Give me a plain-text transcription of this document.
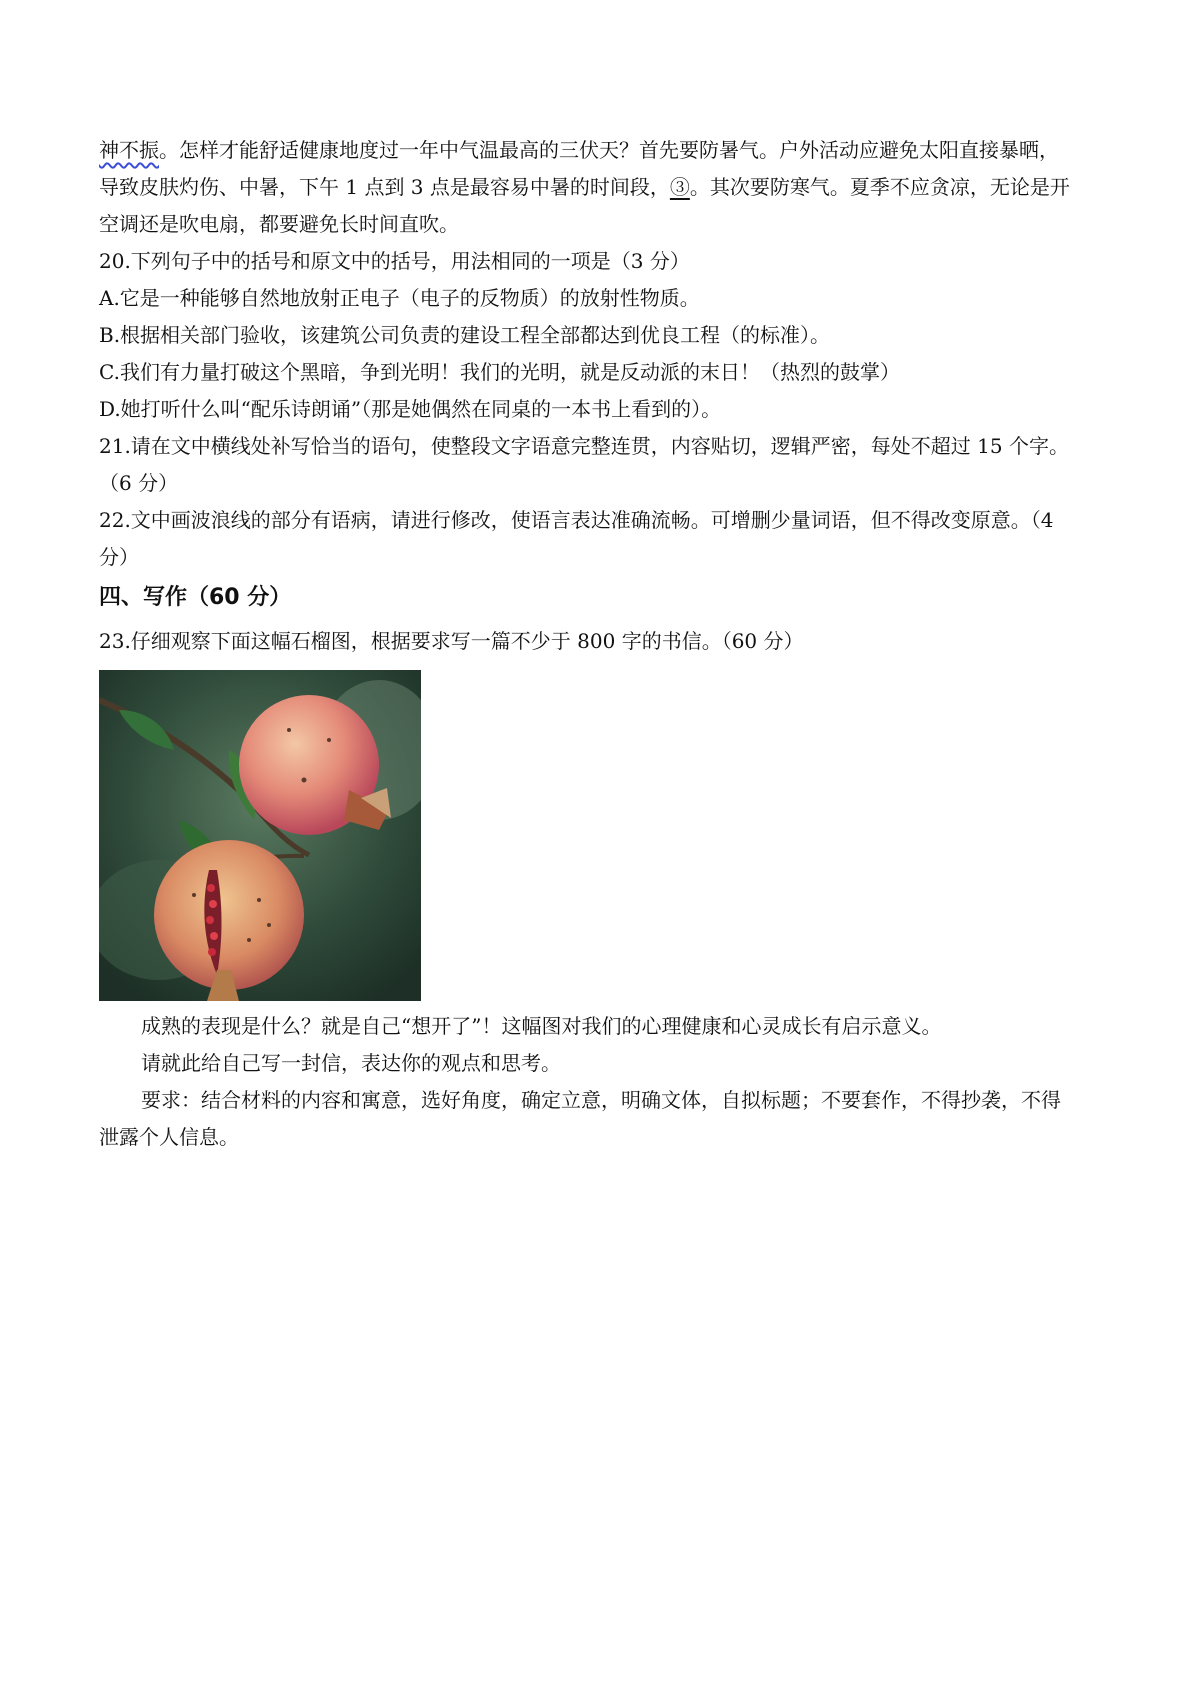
神不振。怎样才能舒适健康地度过一年中气温最高的三伏天？首先要防暑气。户外活动应避免太阳直接暴晒，
导致皮肤灼伤、中暑，下午 1 点到 3 点是最容易中暑的时间段，③。其次要防寒气。夏季不应贪凉，无论是开
空调还是吹电扇，都要避免长时间直吹。
20.下列句子中的括号和原文中的括号，用法相同的一项是（3 分）
A.它是一种能够自然地放射正电子（电子的反物质）的放射性物质。
B.根据相关部门验收，该建筑公司负责的建设工程全部都达到优良工程（的标准）。
C.我们有力量打破这个黑暗，争到光明！我们的光明，就是反动派的末日！（热烈的鼓掌）
D.她打听什么叫“配乐诗朗诵”（那是她偶然在同桌的一本书上看到的）。
21.请在文中横线处补写恰当的语句，使整段文字语意完整连贯，内容贴切，逻辑严密，每处不超过 15 个字。
（6 分）
22.文中画波浪线的部分有语病，请进行修改，使语言表达准确流畅。可增删少量词语，但不得改变原意。（4
分）
四、写作（60 分）
23.仔细观察下面这幅石榴图，根据要求写一篇不少于 800 字的书信。（60 分）
成熟的表现是什么？就是自己“想开了”！这幅图对我们的心理健康和心灵成长有启示意义。
请就此给自己写一封信，表达你的观点和思考。
要求：结合材料的内容和寓意，选好角度，确定立意，明确文体，自拟标题；不要套作，不得抄袭，不得
泄露个人信息。
